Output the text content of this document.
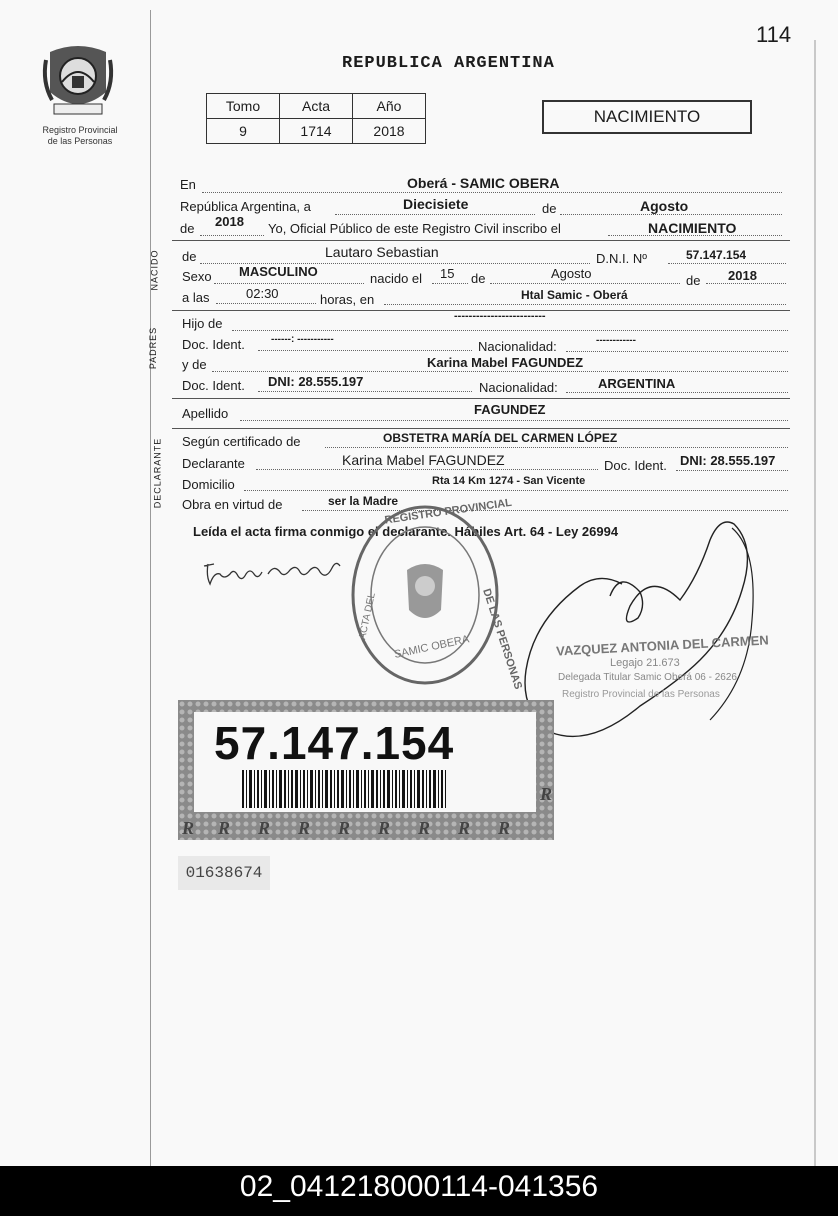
114
Registro Provincial
de las Personas
REPUBLICA ARGENTINA
Tomo	Acta	Año
9	1714	2018
NACIMIENTO
En	Oberá - SAMIC OBERA
República Argentina, a	Diecisiete	de	Agosto
de 2018 Yo, Oficial Público de este Registro Civil inscribo el	NACIMIENTO
NACIDO de	Lautaro Sebastian	D.N.I. Nº	57.147.154
Sexo MASCULINO	nacido el 15 de	Agosto	de 2018
a las	02:30	horas, en	Htal Samic - Oberá
PADRES
Hijo de	-------------------------
Doc. Ident.	------: -----------	Nacionalidad:	------------
y de	Karina Mabel FAGUNDEZ
Doc. Ident. DNI: 28.555.197	Nacionalidad:	ARGENTINA
Apellido	FAGUNDEZ
DECLARANTE Según certificado de	OBSTETRA MARÍA DEL CARMEN LÓPEZ
Declarante	Karina Mabel FAGUNDEZ	Doc. Ident. DNI: 28.555.197
Domicilio	Rta 14 Km 1274 - San Vicente
Obra en virtud de	ser la Madre
Leída el acta firma conmigo el declarante. Hábiles Art. 64 - Ley 26994
REGISTRO PROVINCIAL
DE LAS PERSONAS
ACTA DEL
SAMIC OBERA	VAZQUEZ ANTONIA DEL CARMEN
Legajo 21.673
Delegada Titular Samic Oberá 06 - 2626
Registro Provincial de las Personas
R R R R R R R R R
R
57.147.154
01638674
02_041218000114-041356
